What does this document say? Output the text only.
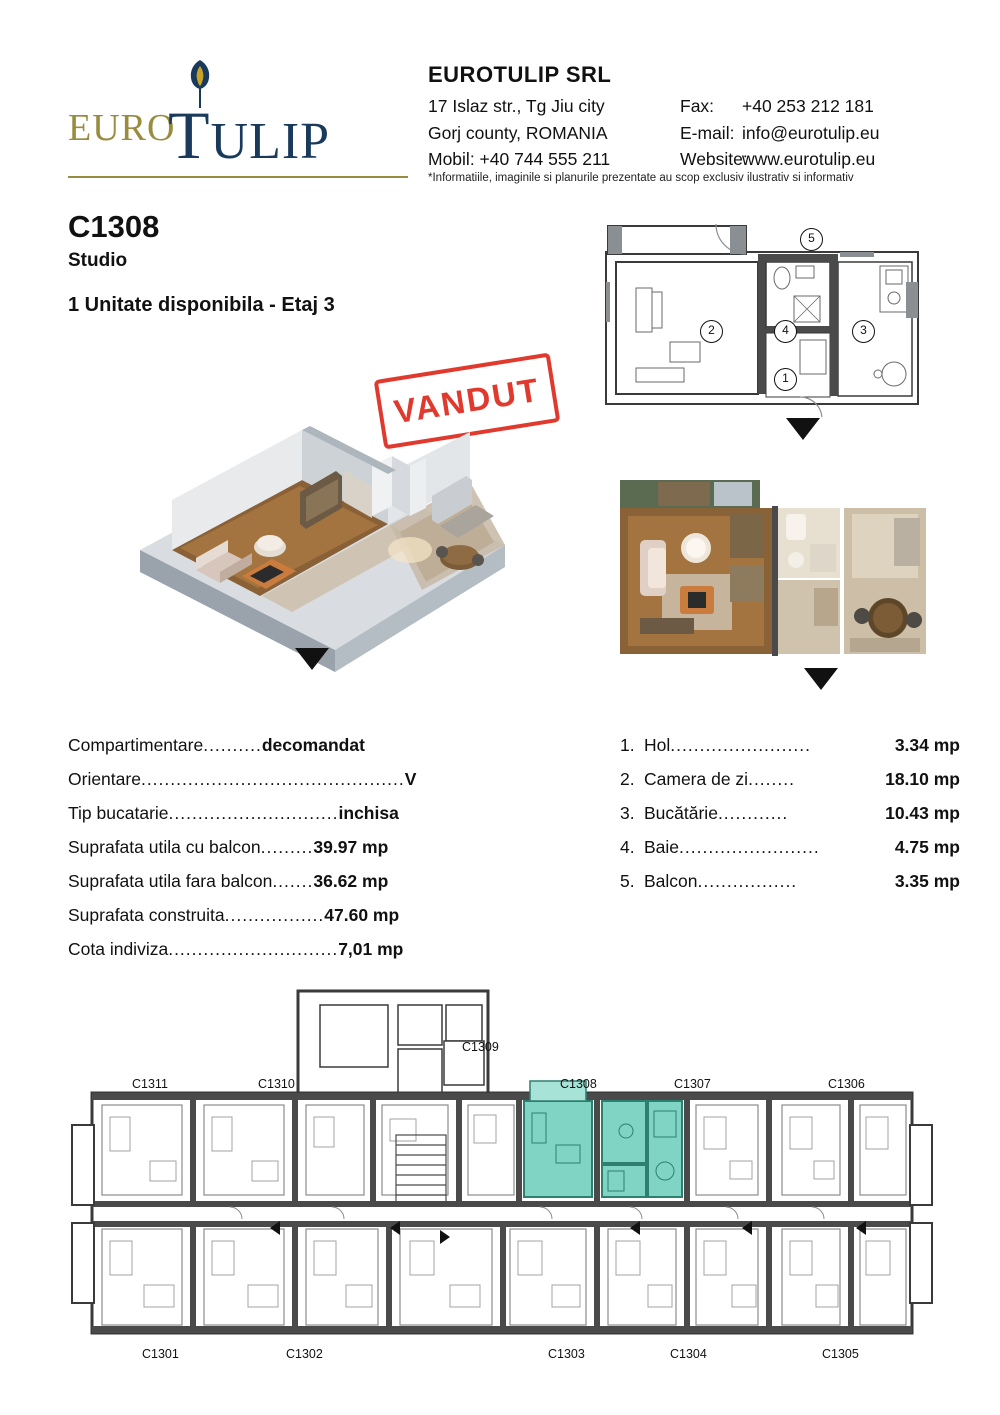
EURO
TULIP
EUROTULIP SRL
17 Islaz str., Tg Jiu city	Fax:	+40 253 212 181
Gorj county, ROMANIA	E-mail: info@eurotulip.eu
Mobil: +40 744 555 211	Website:
www.eurotulip.eu
*Informatiile, imaginile si planurile prezentate au scop exclusiv ilustrativ si informativ
C1308
Studio
1 Unitate disponibila - Etaj 3
VANDUT
5
2	4	3
1
Compartimentare .......... decomandat
Orientare ............................................. V
Tip bucatarie ............................. inchisa
Suprafata utila cu balcon ......... 39.97 mp
Suprafata utila fara balcon ....... 36.62 mp
Suprafata construita ................. 47.60 mp
Cota indiviza ............................. 7,01 mp
1. Hol ........................	3.34 mp
2. Camera de zi ........	18.10 mp
3. Bucătărie ............	10.43 mp
4. Baie ........................	4.75 mp
5. Balcon .................	3.35 mp
C1309
C1311	C1310	C1308	C1307	C1306
C1301	C1302	C1303	C1304	C1305
